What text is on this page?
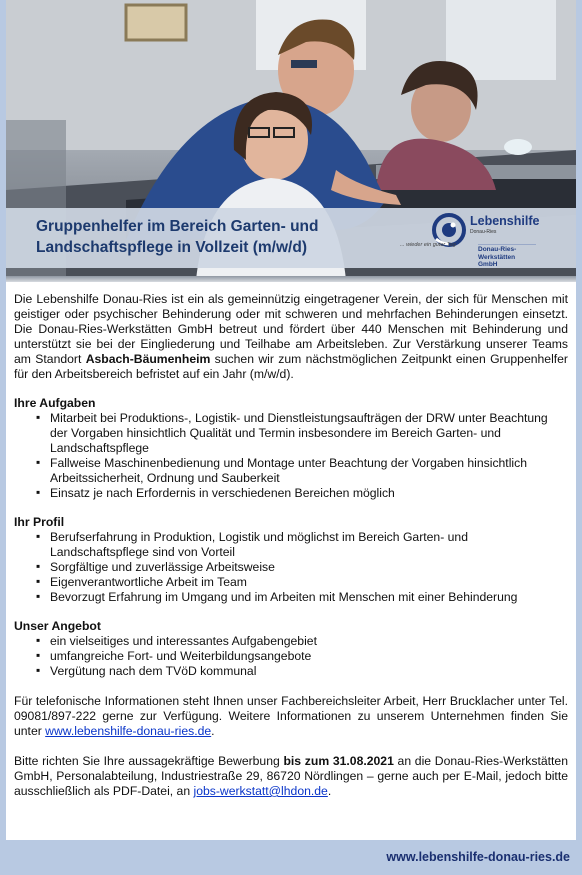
Gruppenhelfer im Bereich Garten- und
Landschaftspflege in Vollzeit (m/w/d)
Lebenshilfe
Donau-Ries
... wieder ein guter Tag
Donau-Ries-
Werkstätten GmbH

Die Lebenshilfe Donau-Ries ist ein als gemeinnützig eingetragener Verein, der sich für Menschen mit geistiger oder psychischer Behinderung oder mit schweren und mehrfachen Behinderungen einsetzt. Die Donau-Ries-Werkstätten GmbH betreut und fördert über 440 Menschen mit Behinderung und unterstützt sie bei der Eingliederung und Teilhabe am Arbeitsleben. Zur Verstärkung unserer Teams am Standort Asbach-Bäumenheim suchen wir zum nächstmöglichen Zeitpunkt einen Gruppenhelfer für den Arbeitsbereich befristet auf ein Jahr (m/w/d).

Ihre Aufgaben
▪ Mitarbeit bei Produktions-, Logistik- und Dienstleistungsaufträgen der DRW unter Beachtung der Vorgaben hinsichtlich Qualität und Termin insbesondere im Bereich Garten- und Landschaftspflege
▪ Fallweise Maschinenbedienung und Montage unter Beachtung der Vorgaben hinsichtlich Arbeitssicherheit, Ordnung und Sauberkeit
▪ Einsatz je nach Erfordernis in verschiedenen Bereichen möglich
Ihr Profil
▪ Berufserfahrung in Produktion, Logistik und möglichst im Bereich Garten- und Landschaftspflege sind von Vorteil
▪ Sorgfältige und zuverlässige Arbeitsweise
▪ Eigenverantwortliche Arbeit im Team
▪ Bevorzugt Erfahrung im Umgang und im Arbeiten mit Menschen mit einer Behinderung
Unser Angebot
▪ ein vielseitiges und interessantes Aufgabengebiet
▪ umfangreiche Fort- und Weiterbildungsangebote
▪ Vergütung nach dem TVöD kommunal

Für telefonische Informationen steht Ihnen unser Fachbereichsleiter Arbeit, Herr Brucklacher unter Tel. 09081/897-222 gerne zur Verfügung. Weitere Informationen zu unserem Unternehmen finden Sie unter www.lebenshilfe-donau-ries.de.

Bitte richten Sie Ihre aussagekräftige Bewerbung bis zum 31.08.2021 an die Donau-Ries-Werkstätten GmbH, Personalabteilung, Industriestraße 29, 86720 Nördlingen – gerne auch per E-Mail, jedoch bitte ausschließlich als PDF-Datei, an jobs-werkstatt@lhdon.de.

www.lebenshilfe-donau-ries.de
